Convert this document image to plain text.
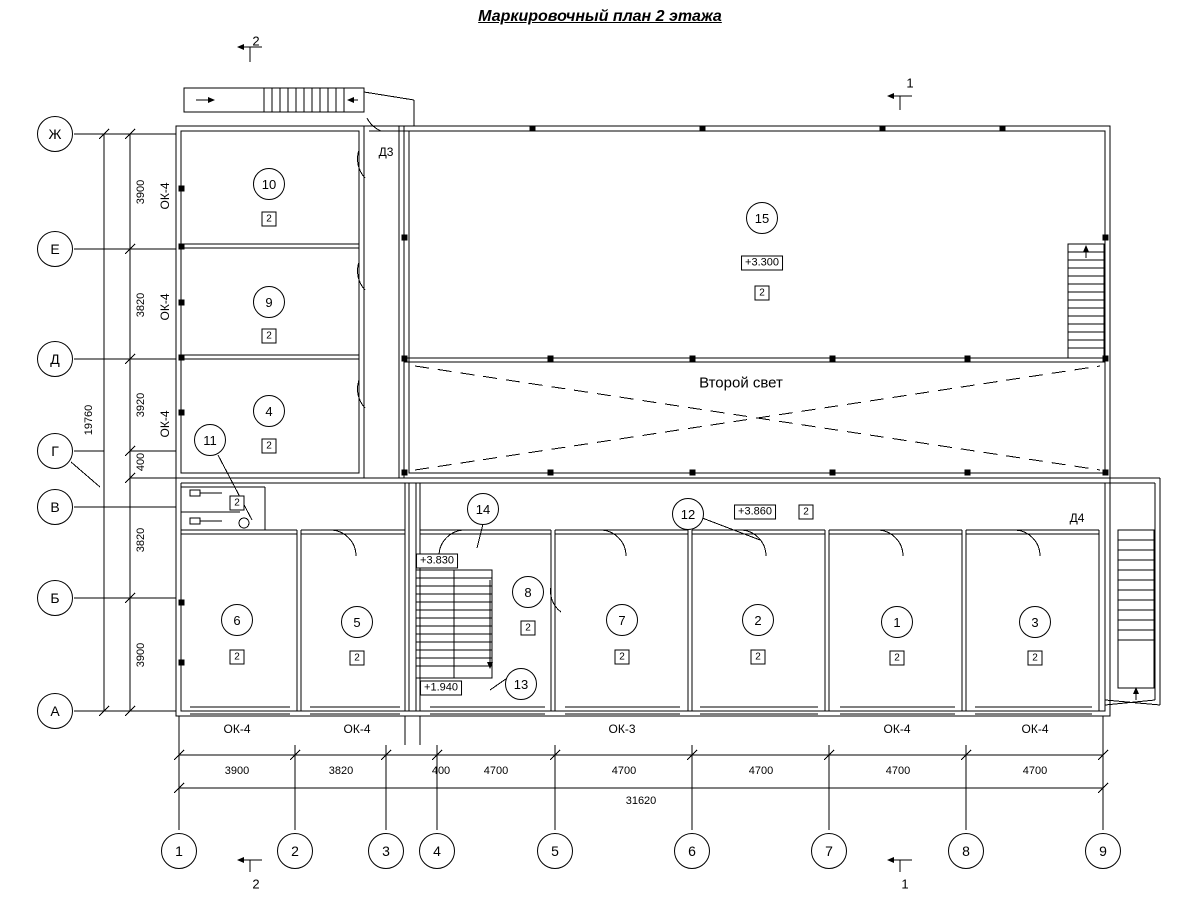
Маркировочный план 2 этажа
Ж
Е
Д
Г
В
Б
А
1	2	3	4	5	6	7	8	9
10
2
9
2
4
2
11
2
15
+3.300
2
14
+3.830
12	+3.860	2
13
+1.940
8
2
6
2
5
2
7
2
2
2
1
2
3
2
Второй свет
Д3
Д4
ОК-4
ОК-4
ОК-4
ОК-4	ОК-4	ОК-3	ОК-4	ОК-4
3900	3820	400	4700	4700	4700	4700	4700
31620
3900
3820
3920
400
3820
3900
19760
2
1
2	1
